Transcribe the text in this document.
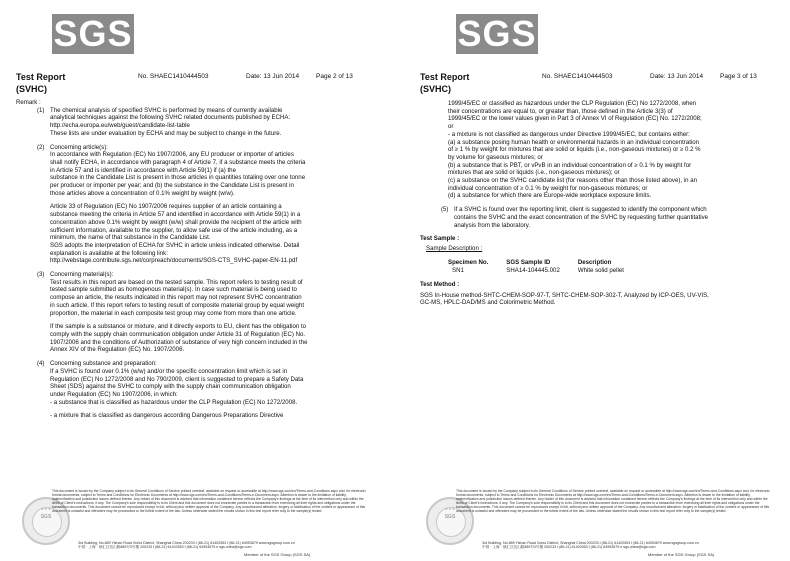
SGS
Test Report
(SVHC)
No. SHAEC1410444503	Date: 13 Jun 2014	Page 2 of 13
Remark :
(1) The chemical analysis of specified SVHC is performed by means of currently available
analytical techniques against the following SVHC related documents published by ECHA:
http://echa.europa.eu/web/guest/candidate-list-table
These lists are under evaluation by ECHA and may be subject to change in the future.
(2) Concerning article(s):
In accordance with Regulation (EC) No 1907/2006, any EU producer or importer of articles
shall notify ECHA, in accordance with paragraph 4 of Article 7, if a substance meets the criteria
in Article 57 and is identified in accordance with Article 59(1) if (a) the
substance in the Candidate List is present in those articles in quantities totaling over one tonne
per producer or importer per year; and (b) the substance in the Candidate List is present in
those articles above a concentration of 0.1% weight by weight (w/w).
Article 33 of Regulation (EC) No 1907/2006 requires supplier of an article containing a
substance meeting the criteria in Article 57 and identified in accordance with Article 59(1) in a
concentration above 0.1% weight by weight (w/w) shall provide the recipient of the article with
sufficient information, available to the supplier, to allow safe use of the article including, as a
minimum, the name of that substance in the Candidate List.
SGS adopts the interpretation of ECHA for SVHC in article unless indicated otherwise. Detail
explanation is available at the following link:
http://webstage.contribute.sgs.net/corpreach/documents/SGS-CTS_SVHC-paper-EN-11.pdf
(3) Concerning material(s):
Test results in this report are based on the tested sample. This report refers to testing result of
tested sample submitted as homogenous material(s). In case such material is being used to
compose an article, the results indicated in this report may not represent SVHC concentration
in such article. If this report refers to testing result of composite material group by equal weight
proportion, the material in each composite test group may come from more than one article.
If the sample is a substance or mixture, and it directly exports to EU, client has the obligation to
comply with the supply chain communication obligation under Article 31 of Regulation (EC) No.
1907/2006 and the conditions of Authorization of substance of very high concern included in the
Annex XIV of the Regulation (EC) No. 1907/2006.
(4) Concerning substance and preparation:
If a SVHC is found over 0.1% (w/w) and/or the specific concentration limit which is set in
Regulation (EC) No 1272/2008 and No 790/2009, client is suggested to prepare a Safety Data
Sheet (SDS) against the SVHC to comply with the supply chain communication obligation
under Regulation (EC) No 1907/2006, in which:
- a substance that is classified as hazardous under the CLP Regulation (EC) No 1272/2008.
- a mixture that is classified as dangerous according Dangerous Preparations Directive
★ ★ ★
SGS
This document is issued by the Company subject to its General Conditions of Service printed overleaf, available on request or accessible at http://www.sgs.com/en/Terms-and-Conditions.aspx and, for electronic format documents, subject to Terms and Conditions for Electronic Documents at http://www.sgs.com/en/Terms-and-Conditions/Terms-e-Document.aspx. Attention is drawn to the limitation of liability, indemnification and jurisdiction issues defined therein. Any holder of this document is advised that information contained hereon reflects the Company's findings at the time of its intervention only and within the limits of Client's instructions, if any. The Company's sole responsibility is to its Client and this document does not exonerate parties to a transaction from exercising all their rights and obligations under the transaction documents. This document cannot be reproduced except in full, without prior written approval of the Company. Any unauthorized alteration, forgery or falsification of the content or appearance of this document is unlawful and offenders may be prosecuted to the fullest extent of the law. Unless otherwise stated the results shown in this test report refer only to the sample(s) tested.
3rd Building, No.889 Yishan Road Xuhui District, Shanghai China 200233 t (86-21) 61402553 f (86-21) 64953679 www.sgsgroup.com.cn
中国 · 上海 · 徐汇区宜山路889号3号楼 200233 t (86-21) 61402553 f (86-21) 64953679 e sgs.china@sgs.com
Member of the SGS Group (SGS SA)
SGS
Test Report
(SVHC)
No. SHAEC1410444503	Date: 13 Jun 2014	Page 3 of 13
1999/45/EC or classified as hazardous under the CLP Regulation (EC) No 1272/2008, when
their concentrations are equal to, or greater than, those defined in the Article 3(3) of
1999/45/EC or the lower values given in Part 3 of Annex VI of Regulation (EC) No. 1272/2008;
or
- a mixture is not classified as dangerous under Directive 1999/45/EC, but contains either:
(a) a substance posing human health or environmental hazards in an individual concentration
of ≥ 1 % by weight for mixtures that are solid or liquids (i.e., non-gaseous mixtures) or ≥ 0.2 %
by volume for gaseous mixtures; or
(b) a substance that is PBT, or vPvB in an individual concentration of ≥ 0.1 % by weight for
mixtures that are solid or liquids (i.e., non-gaseous mixtures); or
(c) a substance on the SVHC candidate list (for reasons other than those listed above), in an
individual concentration of ≥ 0.1 % by weight for non-gaseous mixtures; or
(d) a substance for which there are Europe-wide workplace exposure limits.
(5) If a SVHC is found over the reporting limit, client is suggested to identify the component which
contains the SVHC and the exact concentration of the SVHC by requesting further quantitative
analysis from the laboratory.
Test Sample :
Sample Description :
Specimen No.	SGS Sample ID	Description
SN1	SHA14-104445.002	White solid pellet
Test Method :
SGS In-House method-SHTC-CHEM-SOP-97-T, SHTC-CHEM-SOP-302-T, Analyzed by ICP-OES, UV-VIS,
GC-MS, HPLC-DAD/MS and Colorimetric Method.
★ ★ ★
SGS
This document is issued by the Company subject to its General Conditions of Service printed overleaf, available on request or accessible at http://www.sgs.com/en/Terms-and-Conditions.aspx and, for electronic format documents, subject to Terms and Conditions for Electronic Documents at http://www.sgs.com/en/Terms-and-Conditions/Terms-e-Document.aspx. Attention is drawn to the limitation of liability, indemnification and jurisdiction issues defined therein. Any holder of this document is advised that information contained hereon reflects the Company's findings at the time of its intervention only and within the limits of Client's instructions, if any. The Company's sole responsibility is to its Client and this document does not exonerate parties to a transaction from exercising all their rights and obligations under the transaction documents. This document cannot be reproduced except in full, without prior written approval of the Company. Any unauthorized alteration, forgery or falsification of the content or appearance of this document is unlawful and offenders may be prosecuted to the fullest extent of the law. Unless otherwise stated the results shown in this test report refer only to the sample(s) tested.
3rd Building, No.889 Yishan Road Xuhui District, Shanghai China 200233 t (86-21) 61402553 f (86-21) 64953679 www.sgsgroup.com.cn
中国 · 上海 · 徐汇区宜山路889号3号楼 200233 t (86-21) 61402553 f (86-21) 64953679 e sgs.china@sgs.com
Member of the SGS Group (SGS SA)
